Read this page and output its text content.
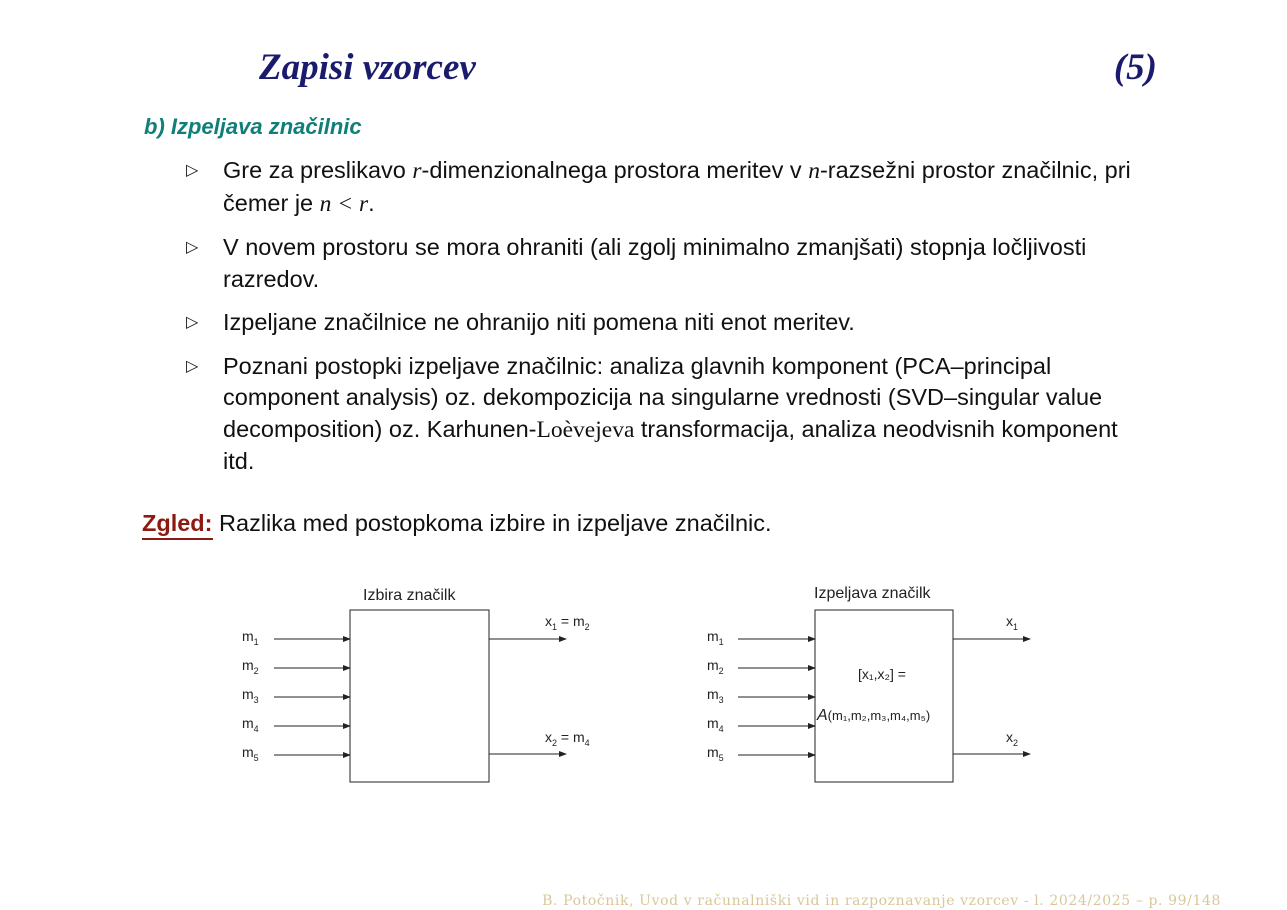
Zapisi vzorcev	(5)
b) Izpeljava značilnic
▷ Gre za preslikavo r-dimenzionalnega prostora meritev v n-razsežni prostor značilnic, pri čemer je n < r.
▷ V novem prostoru se mora ohraniti (ali zgolj minimalno zmanjšati) stopnja ločljivosti razredov.
▷ Izpeljane značilnice ne ohranijo niti pomena niti enot meritev.
▷ Poznani postopki izpeljave značilnic: analiza glavnih komponent (PCA–principal component analysis) oz. dekompozicija na singularne vrednosti (SVD–singular value decomposition) oz. Karhunen-Loèvejeva transformacija, analiza neodvisnih komponent itd.
Zgled: Razlika med postopkoma izbire in izpeljave značilnic.
Izbira značilk
$m_1$
$m_2$
$m_3$
$m_4$
$m_5$
$x_1 = m_2$
$x_2 = m_4$
Izpeljava značilk
$m_1$
$m_2$
$m_3$
$m_4$
$m_5$
[x₁,x₂] =
A(m₁,m₂,m₃,m₄,m₅)
$x_1$
$x_2$
B. Potočnik, Uvod v računalniški vid in razpoznavanje vzorcev - l. 2024/2025 – p. 99/148
